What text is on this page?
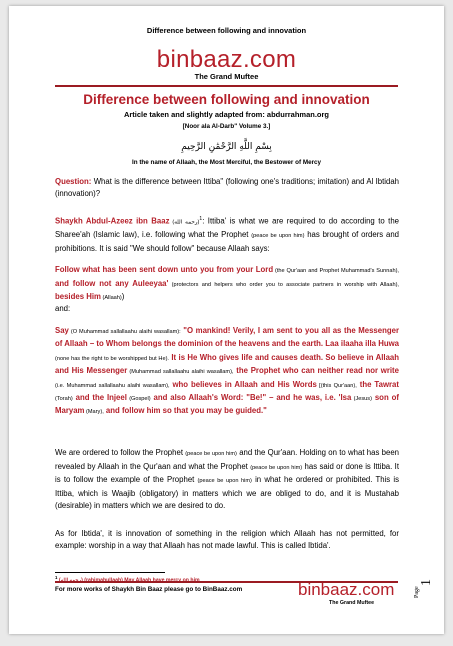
Difference between following and innovation
binbaaz.com
The Grand Muftee
Difference between following and innovation
Article taken and slightly adapted from: abdurrahman.org
[Noor ala Al-Darb" Volume 3.]
بِسْمِ اللَّهِ الرَّحْمَٰنِ الرَّحِيمِ
In the name of Allaah, the Most Merciful, the Bestower of Mercy
Question: What is the difference between Ittiba" (following one's traditions; imitation) and Al Ibtidah (innovation)?
Shaykh Abdul-Azeez ibn Baaz (رحمه الله)$^1$: Ittiba' is what we are required to do according to the Sharee'ah (Islamic law), i.e. following what the Prophet (peace be upon him) has brought of orders and prohibitions. It is said "We should follow" because Allaah says:
Follow what has been sent down unto you from your Lord (the Qur'aan and Prophet Muhammad's Sunnah), and follow not any Auleeyaa' (protectors and helpers who order you to associate partners in worship with Allaah), besides Him (Allaah))
and:
Say (O Muhammad sallallaahu alaihi wasallam): "O mankind! Verily, I am sent to you all as the Messenger of Allaah – to Whom belongs the dominion of the heavens and the earth. Laa ilaaha illa Huwa (none has the right to be worshipped but He). It is He Who gives life and causes death. So believe in Allaah and His Messenger (Muhammad sallallaahu alaihi wasallam), the Prophet who can neither read nor write (i.e. Muhammad sallallaahu alaihi wasallam), who believes in Allaah and His Words [(this Qur'aan), the Tawrat (Torah) and the Injeel (Gospel) and also Allaah's Word: "Be!" – and he was, i.e. 'Isa (Jesus) son of Maryam (Mary), and follow him so that you may be guided."
We are ordered to follow the Prophet (peace be upon him) and the Qur'aan. Holding on to what has been revealed by Allaah in the Qur'aan and what the Prophet (peace be upon him) has said or done is Ittiba. It is to follow the example of the Prophet (peace be upon him) in what he ordered or prohibited. This is Ittiba, which is Waajib (obligatory) in matters which we are obliged to do, and it is Mustahab (desirable) in matters which we are desired to do.
As for Ibtida', it is innovation of something in the religion which Allaah has not permitted, for example: worship in a way that Allaah has not made lawful. This is called Ibtida'.
$^1$ (رحمه الله) (rahimahullaah) May Allaah have mercy on him
For more works of Shaykh Bin Baaz please go to BinBaaz.com	binbaaz.com
The Grand Muftee
Page
1
